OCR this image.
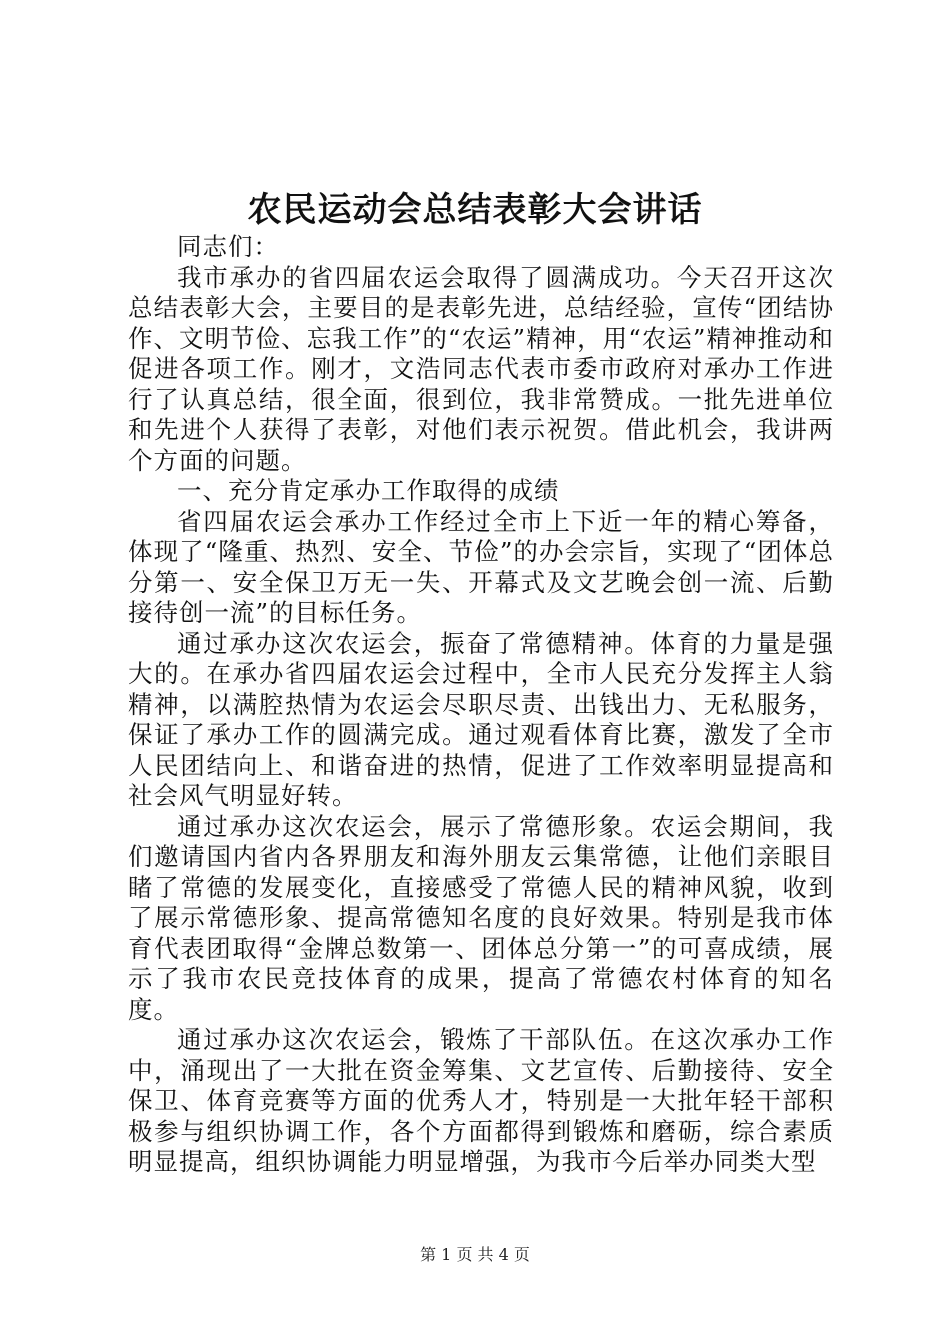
农民运动会总结表彰大会讲话

同志们：

我市承办的省四届农运会取得了圆满成功。今天召开这次总结表彰大会，主要目的是表彰先进，总结经验，宣传“团结协作、文明节俭、忘我工作”的“农运”精神，用“农运”精神推动和促进各项工作。刚才，文浩同志代表市委市政府对承办工作进行了认真总结，很全面，很到位，我非常赞成。一批先进单位和先进个人获得了表彰，对他们表示祝贺。借此机会，我讲两个方面的问题。

一、充分肯定承办工作取得的成绩

省四届农运会承办工作经过全市上下近一年的精心筹备，体现了“隆重、热烈、安全、节俭”的办会宗旨，实现了“团体总分第一、安全保卫万无一失、开幕式及文艺晚会创一流、后勤接待创一流”的目标任务。

通过承办这次农运会，振奋了常德精神。体育的力量是强大的。在承办省四届农运会过程中，全市人民充分发挥主人翁精神，以满腔热情为农运会尽职尽责、出钱出力、无私服务，保证了承办工作的圆满完成。通过观看体育比赛，激发了全市人民团结向上、和谐奋进的热情，促进了工作效率明显提高和社会风气明显好转。

通过承办这次农运会，展示了常德形象。农运会期间，我们邀请国内省内各界朋友和海外朋友云集常德，让他们亲眼目睹了常德的发展变化，直接感受了常德人民的精神风貌，收到了展示常德形象、提高常德知名度的良好效果。特别是我市体育代表团取得“金牌总数第一、团体总分第一”的可喜成绩，展示了我市农民竞技体育的成果，提高了常德农村体育的知名度。

通过承办这次农运会，锻炼了干部队伍。在这次承办工作中，涌现出了一大批在资金筹集、文艺宣传、后勤接待、安全保卫、体育竞赛等方面的优秀人才，特别是一大批年轻干部积极参与组织协调工作，各个方面都得到锻炼和磨砺，综合素质明显提高，组织协调能力明显增强，为我市今后举办同类大型

第 1 页 共 4 页
